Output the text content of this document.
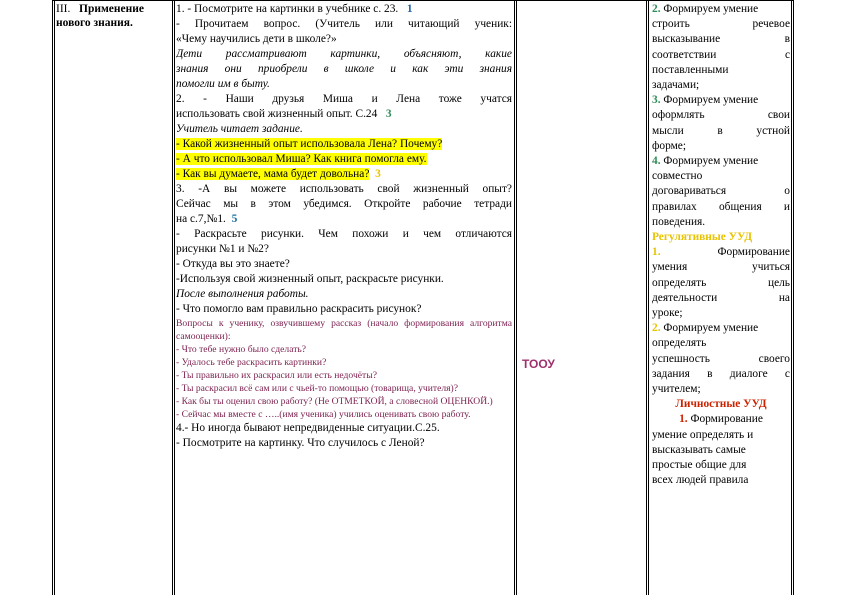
III. Применение
нового знания.
1. - Посмотрите на картинки в учебнике с. 23. 1
- Прочитаем вопрос. (Учитель или читающий ученик:
«Чему научились дети в школе?»
Дети рассматривают картинки, объясняют, какие
знания они приобрели в школе и как эти знания
помогли им в быту.
2. - Наши друзья Миша и Лена тоже учатся
использовать свой жизненный опыт. С.24 3
Учитель читает задание.
- Какой жизненный опыт использовала Лена? Почему?
- А что использовал Миша? Как книга помогла ему.
- Как вы думаете, мама будет довольна? 3
3. -А вы можете использовать свой жизненный опыт?
Сейчас мы в этом убедимся. Откройте рабочие тетради
на с.7,№1. 5
- Раскрасьте рисунки. Чем похожи и чем отличаются
рисунки №1 и №2?
- Откуда вы это знаете?
-Используя свой жизненный опыт, раскрасьте рисунки.
После выполнения работы.
- Что помогло вам правильно раскрасить рисунок?
Вопросы к ученику, озвучившему рассказ (начало формирования алгоритма самооценки):
- Что тебе нужно было сделать?
- Удалось тебе раскрасить картинки?
- Ты правильно их раскрасил или есть недочёты?
- Ты раскрасил всё сам или с чьей-то помощью (товарища, учителя)?
- Как бы ты оценил свою работу? (Не ОТМЕТКОЙ, а словесной ОЦЕНКОЙ.)
- Сейчас мы вместе с …..(имя ученика) учились оценивать свою работу.
4.- Но иногда бывают непредвиденные ситуации.С.25.
- Посмотрите на картинку. Что случилось с Леной?
ТООУ
2. Формируем умение
строить речевое
высказывание в
соответствии с
поставленными
задачами;
3. Формируем умение
оформлять свои
мысли в устной
форме;
4. Формируем умение
совместно
договариваться о
правилах общения и
поведения.
Регулятивные УУД
1.	Формирование
умения учиться
определять цель
деятельности на
уроке;
2. Формируем умение
определять
успешность своего
задания в диалоге с
учителем;
Личностные УУД
1. Формирование
умение определять и
высказывать самые
простые общие для
всех людей правила
